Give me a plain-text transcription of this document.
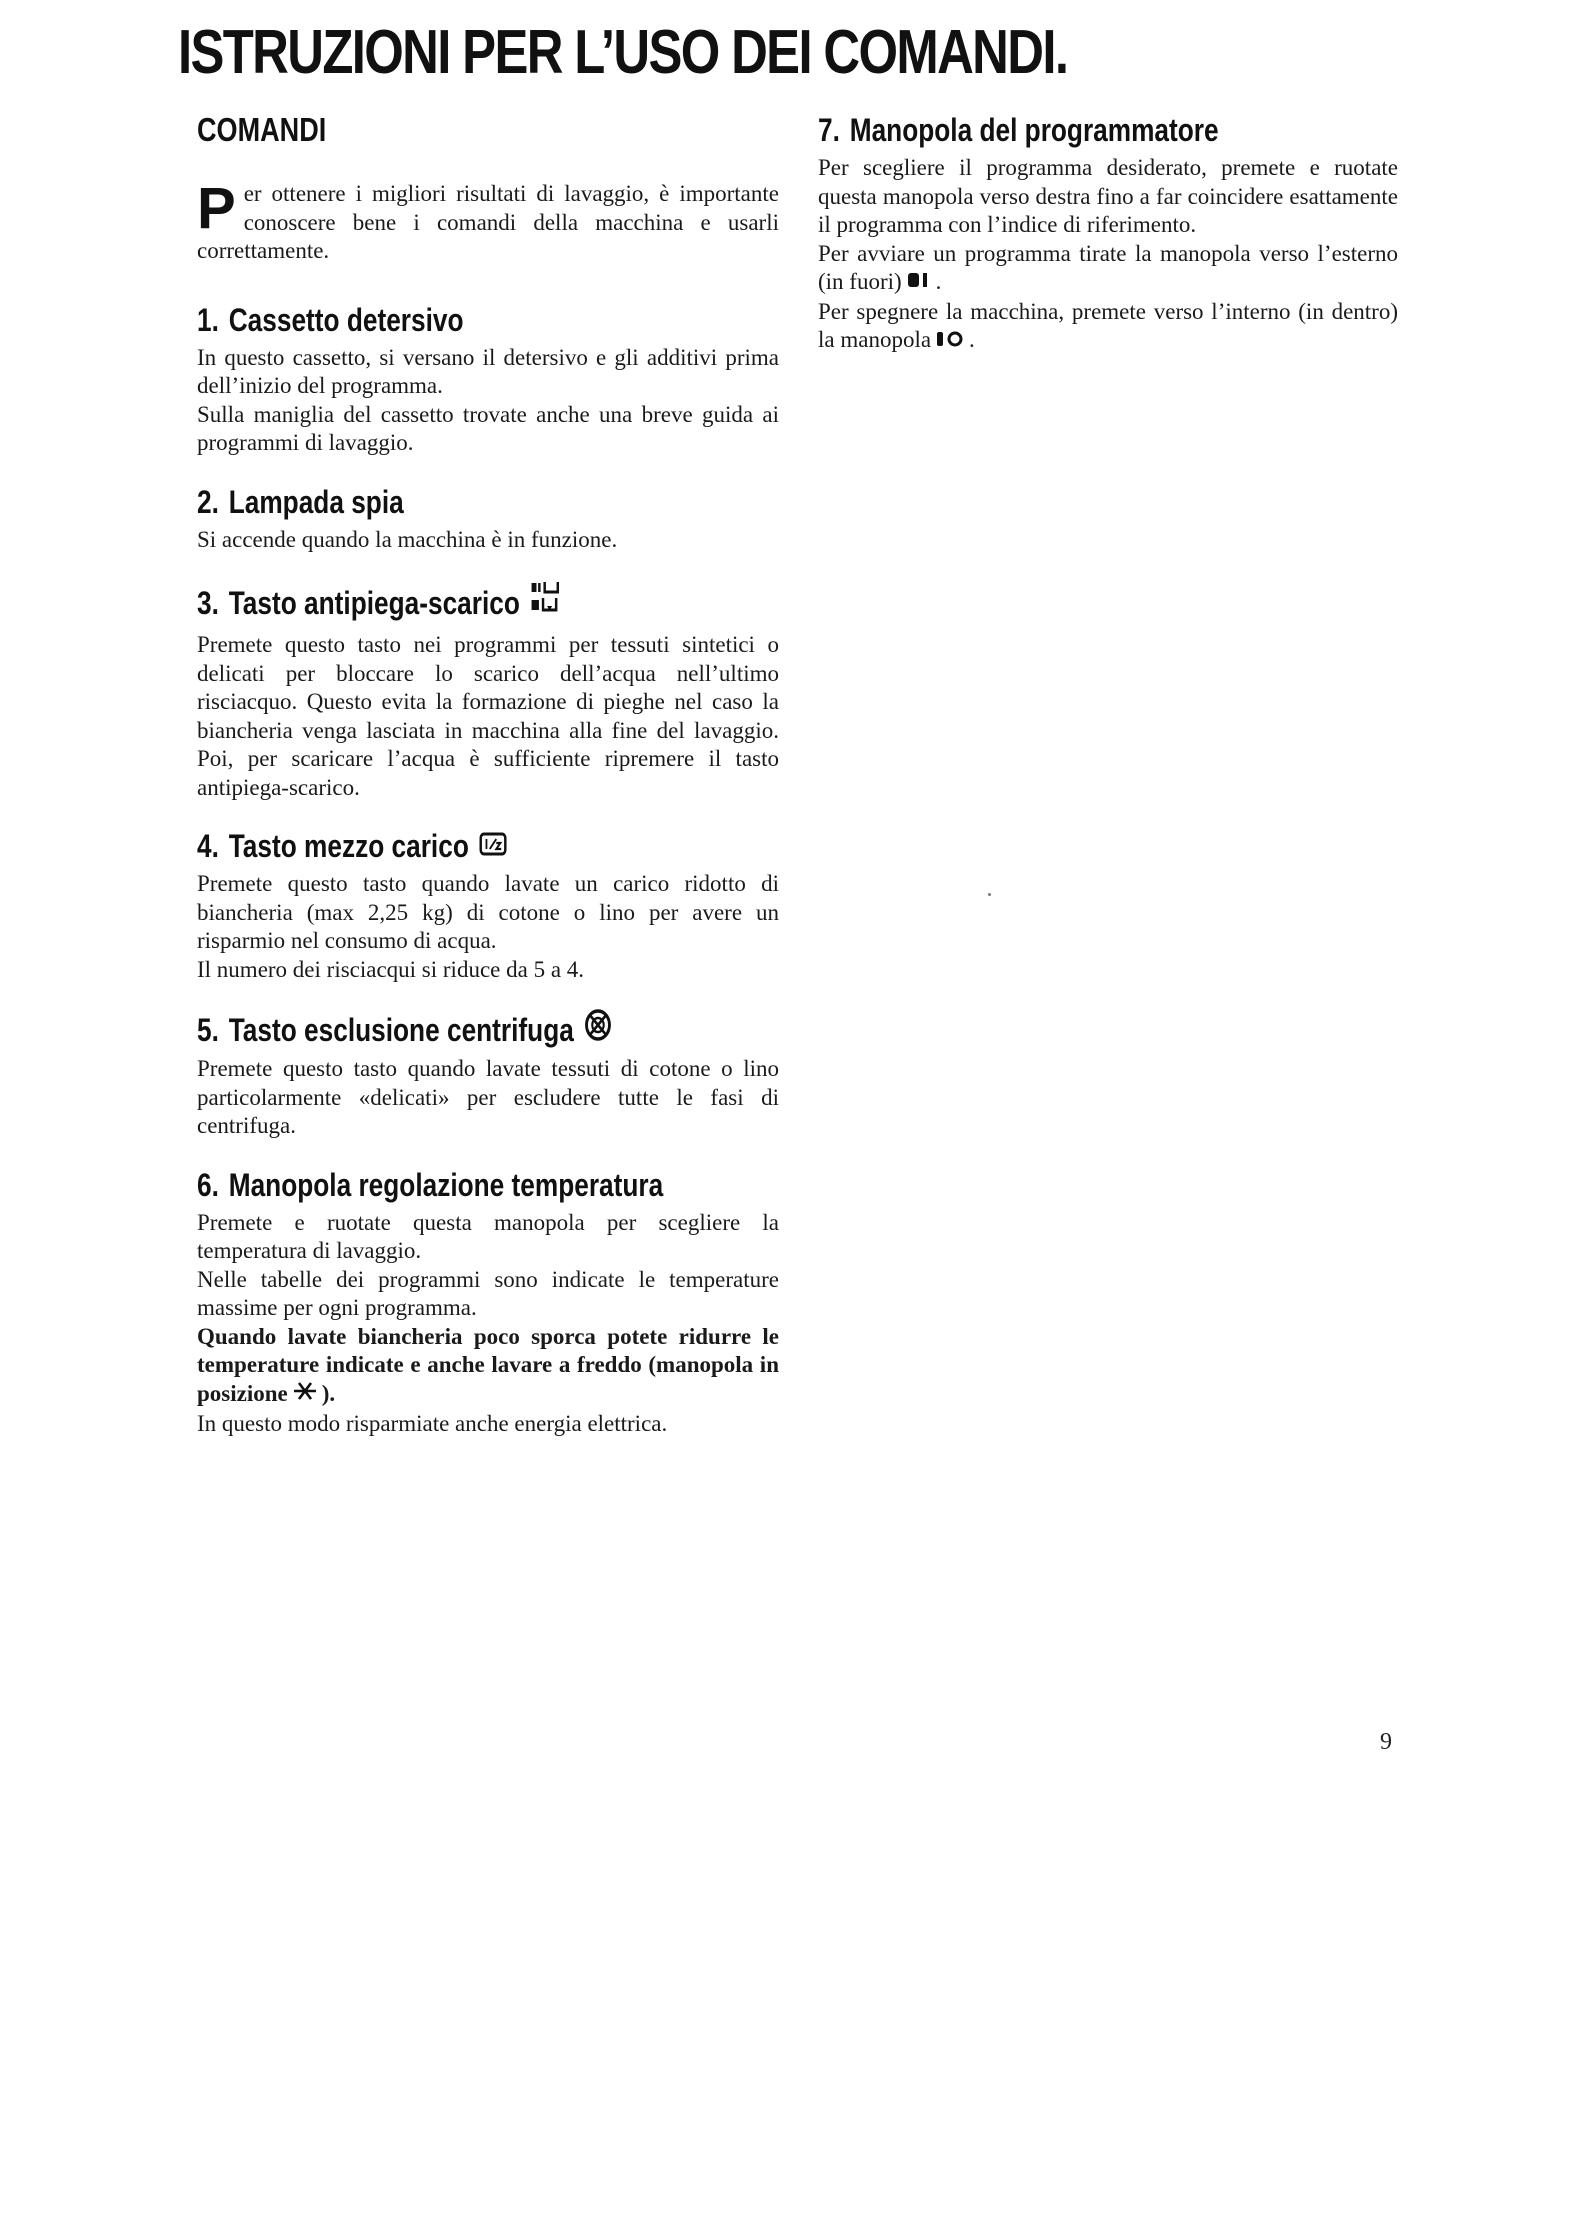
ISTRUZIONI PER L’USO DEI COMANDI.
COMANDI

Per ottenere i migliori risultati di lavaggio, è importante conoscere bene i comandi della macchina e usarli correttamente.

1. Cassetto detersivo

In questo cassetto, si versano il detersivo e gli additivi prima dell’inizio del programma.

Sulla maniglia del cassetto trovate anche una breve guida ai programmi di lavaggio.

2. Lampada spia

Si accende quando la macchina è in funzione.

3. Tasto antipiega-scarico

Premete questo tasto nei programmi per tessuti sintetici o delicati per bloccare lo scarico dell’acqua nell’ultimo risciacquo. Questo evita la formazione di pieghe nel caso la biancheria venga lasciata in macchina alla fine del lavaggio. Poi, per scaricare l’acqua è sufficiente ripremere il tasto antipiega-scarico.

4. Tasto mezzo carico

Premete questo tasto quando lavate un carico ridotto di biancheria (max 2,25 kg) di cotone o lino per avere un risparmio nel consumo di acqua.

Il numero dei risciacqui si riduce da 5 a 4.

5. Tasto esclusione centrifuga

Premete questo tasto quando lavate tessuti di cotone o lino particolarmente «delicati» per escludere tutte le fasi di centrifuga.

6. Manopola regolazione temperatura

Premete e ruotate questa manopola per scegliere la temperatura di lavaggio.

Nelle tabelle dei programmi sono indicate le temperature massime per ogni programma.

Quando lavate biancheria poco sporca potete ridurre le temperature indicate e anche lavare a freddo (manopola in posizione ).

In questo modo risparmiate anche energia elettrica.

7. Manopola del programmatore

Per scegliere il programma desiderato, premete e ruotate questa manopola verso destra fino a far coincidere esattamente il programma con l’indice di riferimento.

Per avviare un programma tirate la manopola verso l’esterno (in fuori) .

Per spegnere la macchina, premete verso l’interno (in dentro) la manopola .

9
